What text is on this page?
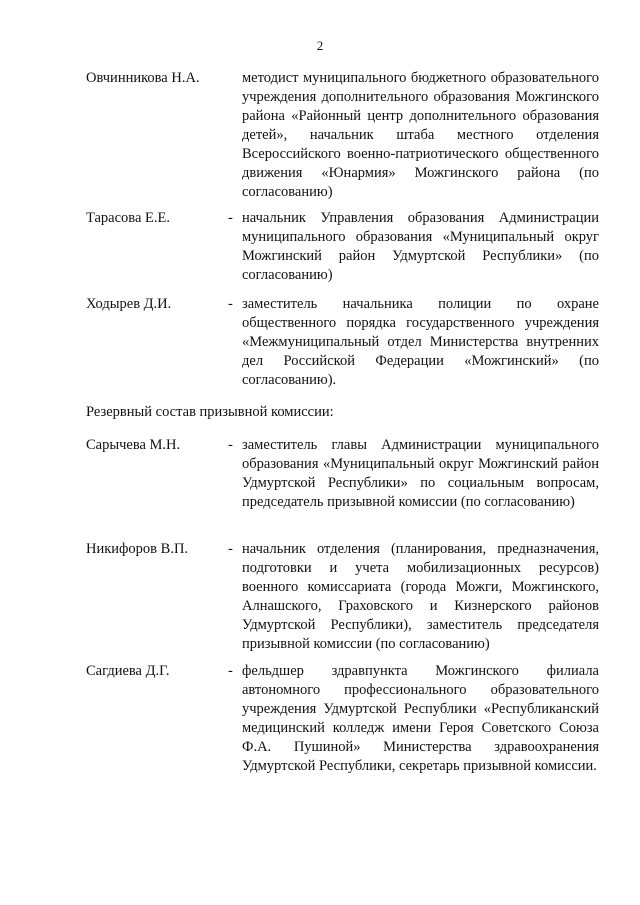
2
Овчинникова Н.А.	методист муниципального бюджетного образовательного учреждения дополнительного образования Можгинского района «Районный центр дополнительного образования детей», начальник штаба местного отделения Всероссийского военно-патриотического общественного движения «Юнармия» Можгинского района (по согласованию)
Тарасова Е.Е.	- начальник Управления образования Администрации муниципального образования «Муниципальный округ Можгинский район Удмуртской Республики» (по согласованию)
Ходырев Д.И.	- заместитель начальника полиции по охране общественного порядка государственного учреждения «Межмуниципальный отдел Министерства внутренних дел Российской Федерации «Можгинский» (по согласованию).
Резервный состав призывной комиссии:
Сарычева М.Н.	- заместитель главы Администрации муниципального образования «Муниципальный округ Можгинский район Удмуртской Республики» по социальным вопросам, председатель призывной комиссии (по согласованию)
Никифоров В.П.	- начальник отделения (планирования, предназначения, подготовки и учета мобилизационных ресурсов) военного комиссариата (города Можги, Можгинского, Алнашского, Граховского и Кизнерского районов Удмуртской Республики), заместитель председателя призывной комиссии (по согласованию)
Сагдиева Д.Г.	- фельдшер здравпункта Можгинского филиала автономного профессионального образовательного учреждения Удмуртской Республики «Республиканский медицинский колледж имени Героя Советского Союза Ф.А. Пушиной» Министерства здравоохранения Удмуртской Республики, секретарь призывной комиссии.
